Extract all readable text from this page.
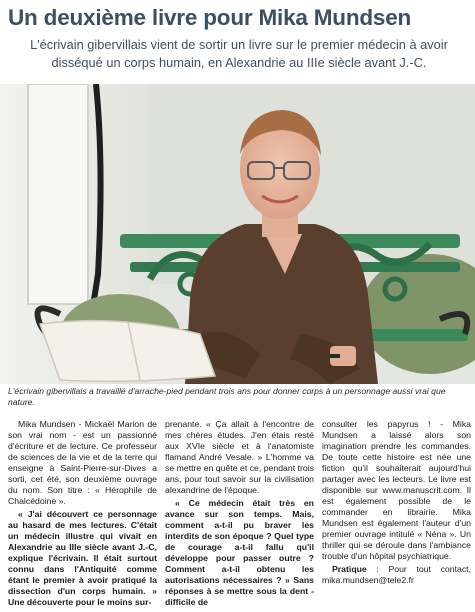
Un deuxième livre pour Mika Mundsen
L'écrivain gibervillais vient de sortir un livre sur le premier médecin à avoir disséqué un corps humain, en Alexandrie au IIIe siècle avant J.-C.
L'écrivain gibervillais a travaillé d'arrache-pied pendant trois ans pour donner corps à un personnage aussi vrai que nature.

Mika Mundsen - Mickaël Marion de son vrai nom - est un passionné d'écriture et de lecture. Ce professeur de sciences de la vie et de la terre qui enseigne à Saint-Pierre-sur-Dives a sorti, cet été, son deuxième ouvrage du nom. Son titre : « Hérophile de Chalcédoine ».

« J'ai découvert ce personnage au hasard de mes lectures. C'était un médecin illustre qui vivait en Alexandrie au IIIe siècle avant J.-C, explique l'écrivain. Il était surtout connu dans l'Antiquité comme étant le premier à avoir pratiqué la dissection d'un corps humain. » Une découverte pour le moins sur-

prenante. « Ça allait à l'encontre de mes chères études. J'en étais resté aux XVIe siècle et à l'anatomiste flamand André Vesale. » L'homme va se mettre en quête et ce, pendant trois ans, pour tout savoir sur la civilisation alexandrine de l'époque.

« Ce médecin était très en avance sur son temps. Mais, comment a-t-il pu braver les interdits de son époque ? Quel type de courage a-t-il fallu qu'il développe pour passer outre ? Comment a-t-il obtenu les autorisations nécessaires ? » Sans réponses à se mettre sous la dent - difficile de

consulter les papyrus ! - Mika Mundsen a laissé alors son imagination prendre les commandes. De toute cette histoire est née une fiction qu'il souhaiterait aujourd'hui partager avec les lecteurs. Le livre est disponible sur www.manuscrit.com. Il est également possible de le commander en librairie. Mika Mundsen est également l'auteur d'un premier ouvrage intitulé « Néna ». Un thriller qui se déroule dans l'ambiance trouble d'un hôpital psychiatrique.

Pratique : Pour tout contact, mika.mundsen@tele2.fr
